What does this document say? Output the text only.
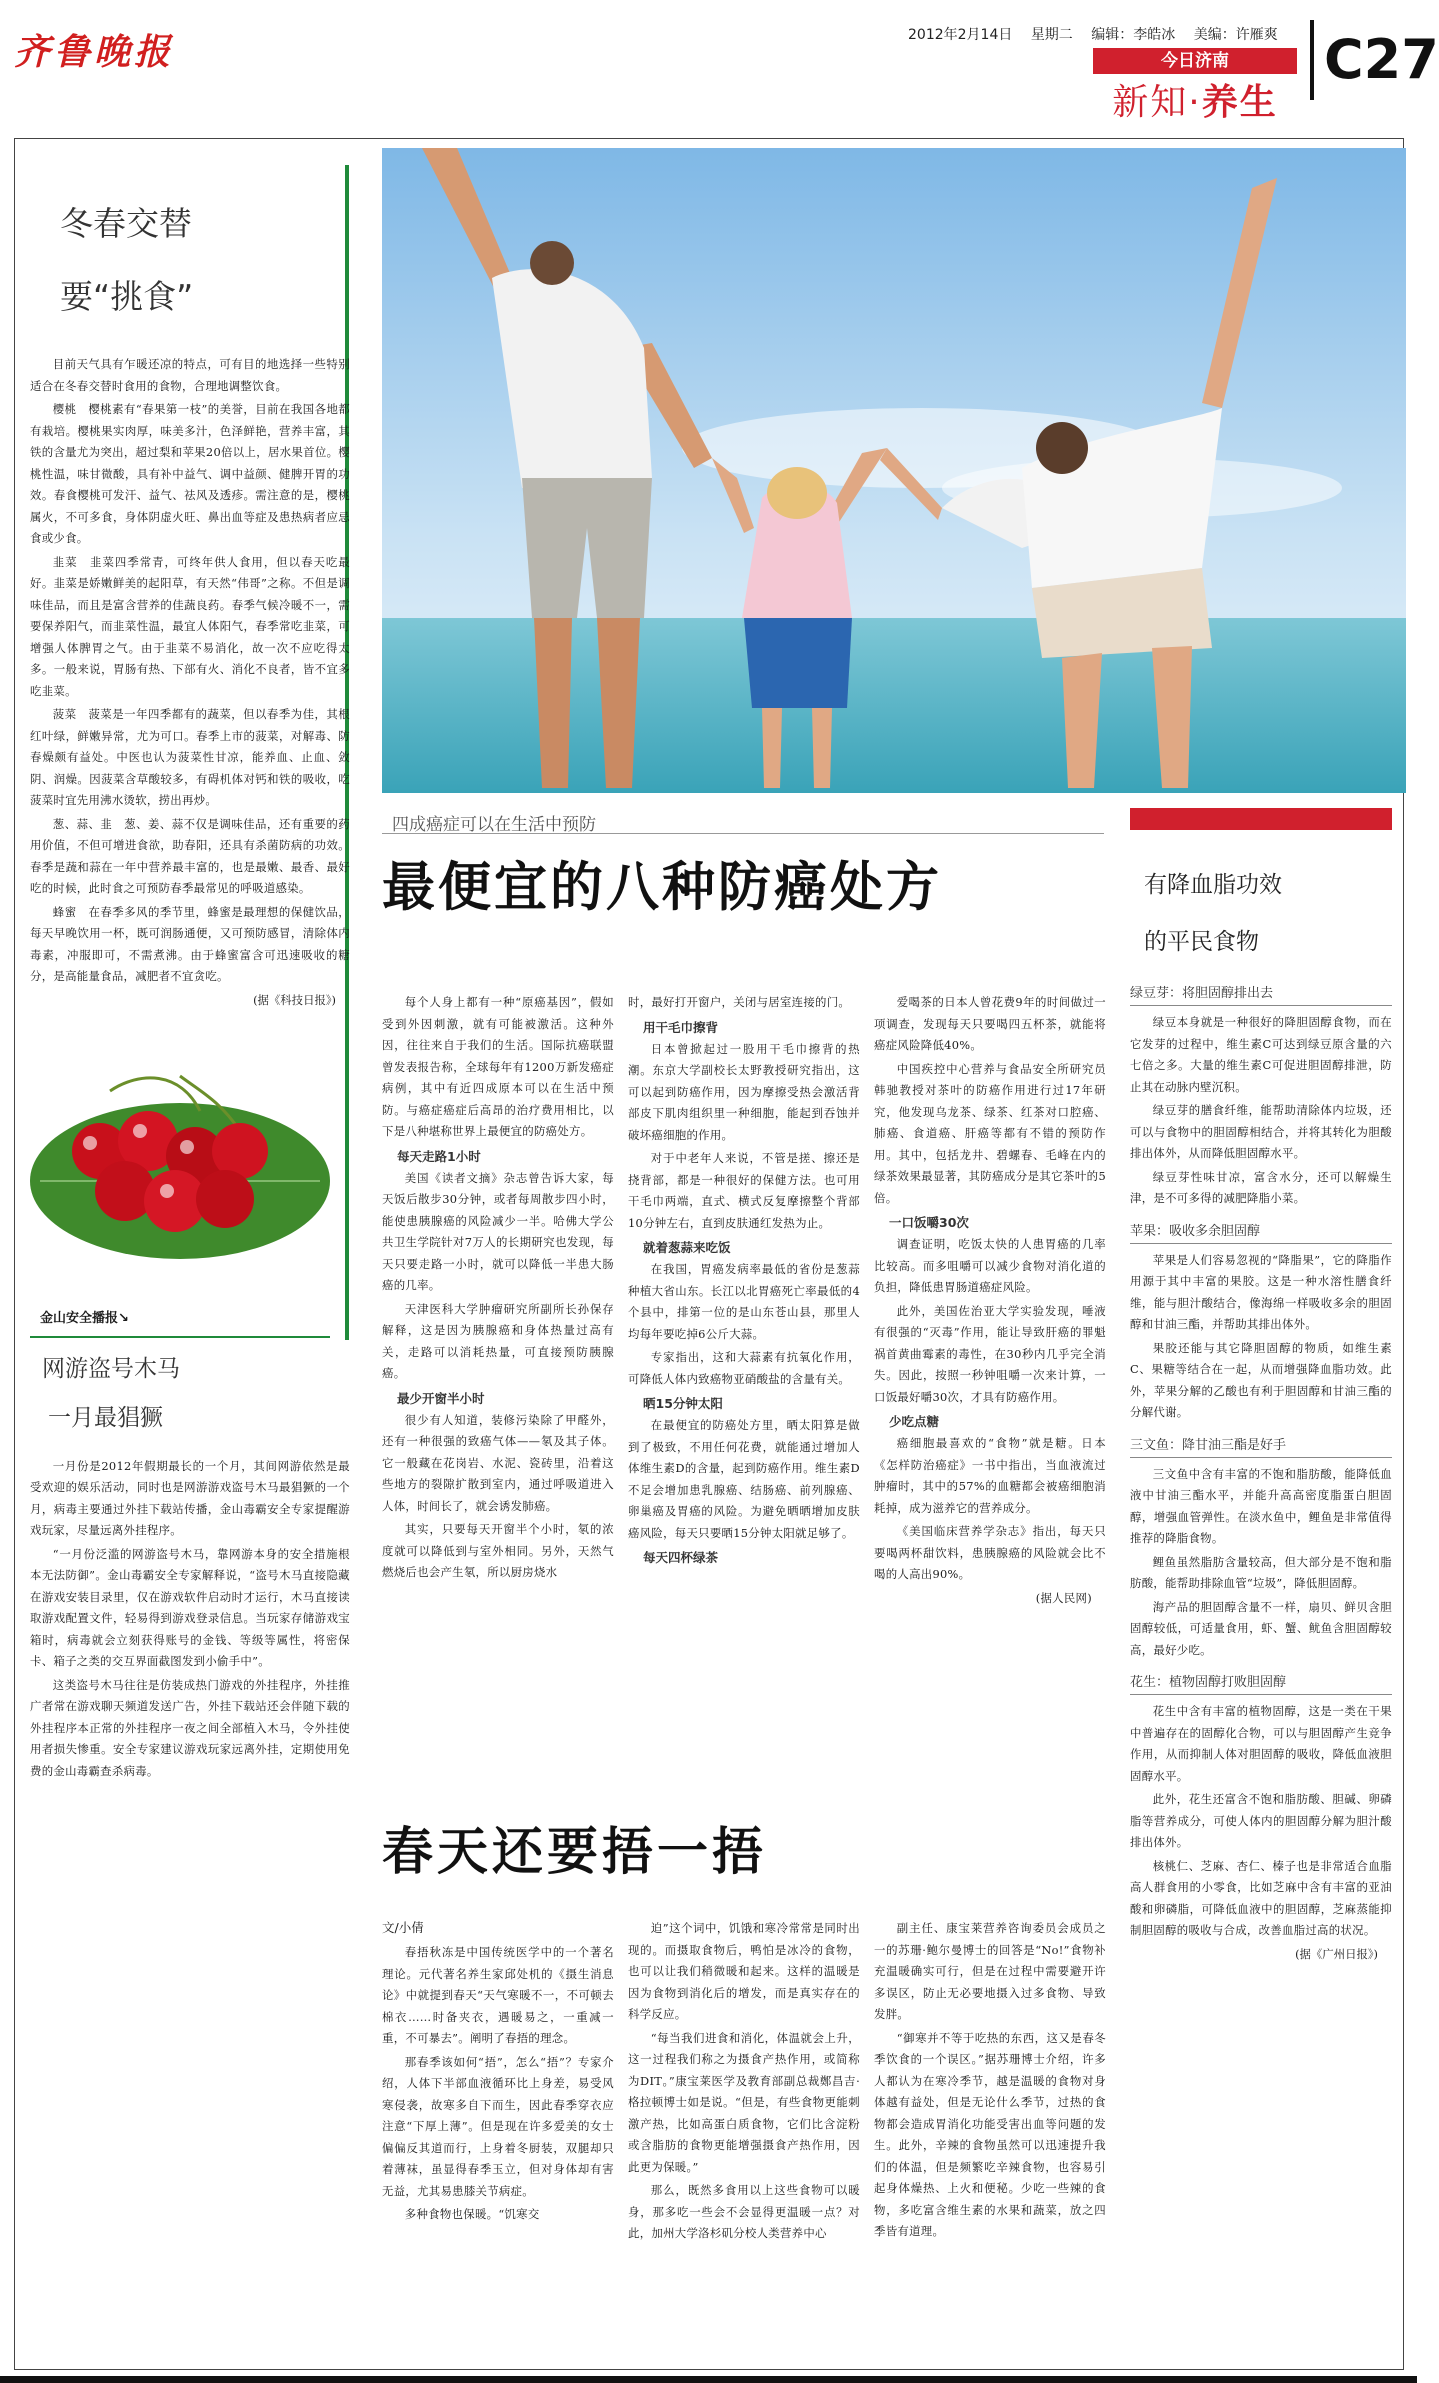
齐鲁晚报	2012年2月14日 星期二 编辑：李皓冰 美编：许雁爽
今日济南
新知·养生
C27
冬春交替
要“挑食”

目前天气具有乍暖还凉的特点，可有目的地选择一些特别适合在冬春交替时食用的食物，合理地调整饮食。

樱桃　樱桃素有“春果第一枝”的美誉，目前在我国各地都有栽培。樱桃果实肉厚，味美多汁，色泽鲜艳，营养丰富，其铁的含量尤为突出，超过梨和苹果20倍以上，居水果首位。樱桃性温，味甘微酸，具有补中益气、调中益颜、健脾开胃的功效。春食樱桃可发汗、益气、祛风及透疹。需注意的是，樱桃属火，不可多食，身体阴虚火旺、鼻出血等症及患热病者应忌食或少食。

韭菜　韭菜四季常青，可终年供人食用，但以春天吃最好。韭菜是娇嫩鲜美的起阳草，有天然“伟哥”之称。不但是调味佳品，而且是富含营养的佳蔬良药。春季气候冷暖不一，需要保养阳气，而韭菜性温，最宜人体阳气，春季常吃韭菜，可增强人体脾胃之气。由于韭菜不易消化，故一次不应吃得太多。一般来说，胃肠有热、下部有火、消化不良者，皆不宜多吃韭菜。

菠菜　菠菜是一年四季都有的蔬菜，但以春季为佳，其根红叶绿，鲜嫩异常，尤为可口。春季上市的菠菜，对解毒、防春燥颇有益处。中医也认为菠菜性甘凉，能养血、止血、敛阴、润燥。因菠菜含草酸较多，有碍机体对钙和铁的吸收，吃菠菜时宜先用沸水烫软，捞出再炒。

葱、蒜、韭　葱、姜、蒜不仅是调味佳品，还有重要的药用价值，不但可增进食欲，助春阳，还具有杀菌防病的功效。春季是蔬和蒜在一年中营养最丰富的，也是最嫩、最香、最好吃的时候，此时食之可预防春季最常见的呼吸道感染。

蜂蜜　在春季多风的季节里，蜂蜜是最理想的保健饮品，每天早晚饮用一杯，既可润肠通便，又可预防感冒，清除体内毒素，冲服即可，不需煮沸。由于蜂蜜富含可迅速吸收的糖分，是高能量食品，减肥者不宜贪吃。

(据《科技日报》)
金山安全播报↘
网游盗号木马
一月最猖獗

一月份是2012年假期最长的一个月，其间网游依然是最受欢迎的娱乐活动，同时也是网游游戏盗号木马最猖獗的一个月，病毒主要通过外挂下载站传播，金山毒霸安全专家提醒游戏玩家，尽量远离外挂程序。

“一月份泛滥的网游盗号木马，靠网游本身的安全措施根本无法防御”。金山毒霸安全专家解释说，“盗号木马直接隐藏在游戏安装目录里，仅在游戏软件启动时才运行，木马直接读取游戏配置文件，轻易得到游戏登录信息。当玩家存储游戏宝箱时，病毒就会立刻获得账号的金钱、等级等属性，将密保卡、箱子之类的交互界面截图发到小偷手中”。

这类盗号木马往往是仿装成热门游戏的外挂程序，外挂推广者常在游戏聊天频道发送广告，外挂下载站还会伴随下载的外挂程序本正常的外挂程序一夜之间全部植入木马，令外挂使用者损失惨重。安全专家建议游戏玩家远离外挂，定期使用免费的金山毒霸查杀病毒。

四成癌症可以在生活中预防
最便宜的八种防癌处方

每个人身上都有一种“原癌基因”，假如受到外因刺激，就有可能被激活。这种外因，往往来自于我们的生活。国际抗癌联盟曾发表报告称，全球每年有1200万新发癌症病例，其中有近四成原本可以在生活中预防。与癌症癌症后高昂的治疗费用相比，以下是八种堪称世界上最便宜的防癌处方。

每天走路1小时

美国《读者文摘》杂志曾告诉大家，每天饭后散步30分钟，或者每周散步四小时，能使患胰腺癌的风险减少一半。哈佛大学公共卫生学院针对7万人的长期研究也发现，每天只要走路一小时，就可以降低一半患大肠癌的几率。

天津医科大学肿瘤研究所副所长孙保存解释，这是因为胰腺癌和身体热量过高有关，走路可以消耗热量，可直接预防胰腺癌。

最少开窗半小时

很少有人知道，装修污染除了甲醛外，还有一种很强的致癌气体——氡及其子体。它一般藏在花岗岩、水泥、瓷砖里，沿着这些地方的裂隙扩散到室内，通过呼吸道进入人体，时间长了，就会诱发肺癌。

其实，只要每天开窗半个小时，氡的浓度就可以降低到与室外相同。另外，天然气燃烧后也会产生氡，所以厨房烧水

时，最好打开窗户，关闭与居室连接的门。

用干毛巾擦背

日本曾掀起过一股用干毛巾擦背的热潮。东京大学副校长太野教授研究指出，这可以起到防癌作用，因为摩擦受热会激活背部皮下肌肉组织里一种细胞，能起到吞蚀并破坏癌细胞的作用。

对于中老年人来说，不管是搓、擦还是挠背部，都是一种很好的保健方法。也可用干毛巾两端，直式、横式反复摩擦整个背部10分钟左右，直到皮肤通红发热为止。

就着葱蒜来吃饭

在我国，胃癌发病率最低的省份是葱蒜种植大省山东。长江以北胃癌死亡率最低的4个县中，排第一位的是山东苍山县，那里人均每年要吃掉6公斤大蒜。

专家指出，这和大蒜素有抗氧化作用，可降低人体内致癌物亚硝酸盐的含量有关。

晒15分钟太阳

在最便宜的防癌处方里，晒太阳算是做到了极致，不用任何花费，就能通过增加人体维生素D的含量，起到防癌作用。维生素D不足会增加患乳腺癌、结肠癌、前列腺癌、卵巢癌及胃癌的风险。为避免晒晒增加皮肤癌风险，每天只要晒15分钟太阳就足够了。

每天四杯绿茶

爱喝茶的日本人曾花费9年的时间做过一项调查，发现每天只要喝四五杯茶，就能将癌症风险降低40%。

中国疾控中心营养与食品安全所研究员韩驰教授对茶叶的防癌作用进行过17年研究，他发现乌龙茶、绿茶、红茶对口腔癌、肺癌、食道癌、肝癌等都有不错的预防作用。其中，包括龙井、碧螺春、毛峰在内的绿茶效果最显著，其防癌成分是其它茶叶的5倍。

一口饭嚼30次

调查证明，吃饭太快的人患胃癌的几率比较高。而多咀嚼可以减少食物对消化道的负担，降低患胃肠道癌症风险。

此外，美国佐治亚大学实验发现，唾液有很强的“灭毒”作用，能让导致肝癌的罪魁祸首黄曲霉素的毒性，在30秒内几乎完全消失。因此，按照一秒钟咀嚼一次来计算，一口饭最好嚼30次，才具有防癌作用。

少吃点糖

癌细胞最喜欢的“食物”就是糖。日本《怎样防治癌症》一书中指出，当血液流过肿瘤时，其中的57%的血糖都会被癌细胞消耗掉，成为滋养它的营养成分。

《美国临床营养学杂志》指出，每天只要喝两杯甜饮料，患胰腺癌的风险就会比不喝的人高出90%。

(据人民网)

春天还要捂一捂
文/小倩

春捂秋冻是中国传统医学中的一个著名理论。元代著名养生家邱处机的《摄生消息论》中就提到春天“天气寒暖不一，不可顿去棉衣……时备夹衣，遇暖易之，一重减一重，不可暴去”。阐明了春捂的理念。

那春季该如何“捂”，怎么“捂”？专家介绍，人体下半部血液循环比上身差，易受风寒侵袭，故寒多自下而生，因此春季穿衣应注意“下厚上薄”。但是现在许多爱美的女士偏偏反其道而行，上身着冬厨装，双腿却只着薄袜，虽显得春季玉立，但对身体却有害无益，尤其易患膝关节病症。

多种食物也保暖。“饥寒交

迫”这个词中，饥饿和寒冷常常是同时出现的。而摄取食物后，鸭怕是冰冷的食物，也可以让我们稍微暖和起来。这样的温暖是因为食物到消化后的增发，而是真实存在的科学反应。

“每当我们进食和消化，体温就会上升，这一过程我们称之为摄食产热作用，或简称为DIT。”康宝莱医学及教育部副总裁鄭昌吉·格拉顿博士如是说。“但是，有些食物更能刺激产热，比如高蛋白质食物，它们比含淀粉或含脂肪的食物更能增强摄食产热作用，因此更为保暖。”

那么，既然多食用以上这些食物可以暖身，那多吃一些会不会显得更温暖一点？对此，加州大学洛杉矶分校人类营养中心

副主任、康宝莱营养咨询委员会成员之一的苏珊·鲍尔曼博士的回答是“No!”食物补充温暖确实可行，但是在过程中需要避开许多误区，防止无必要地摄入过多食物、导致发胖。

“御寒并不等于吃热的东西，这又是春冬季饮食的一个误区。”据苏珊博士介绍，许多人都认为在寒冷季节，越是温暖的食物对身体越有益处，但是无论什么季节，过热的食物都会造成胃消化功能受害出血等问题的发生。此外，辛辣的食物虽然可以迅速提升我们的体温，但是频繁吃辛辣食物，也容易引起身体燥热、上火和便秘。少吃一些辣的食物，多吃富含维生素的水果和蔬菜，放之四季皆有道理。

有降血脂功效
的平民食物
绿豆芽：将胆固醇排出去

绿豆本身就是一种很好的降胆固醇食物，而在它发芽的过程中，维生素C可达到绿豆原含量的六七倍之多。大量的维生素C可促进胆固醇排泄，防止其在动脉内壁沉积。

绿豆芽的膳食纤维，能帮助清除体内垃圾，还可以与食物中的胆固醇相结合，并将其转化为胆酸排出体外，从而降低胆固醇水平。

绿豆芽性味甘凉，富含水分，还可以解燥生津，是不可多得的减肥降脂小菜。

苹果：吸收多余胆固醇

苹果是人们容易忽视的“降脂果”，它的降脂作用源于其中丰富的果胶。这是一种水溶性膳食纤维，能与胆汁酸结合，像海绵一样吸收多余的胆固醇和甘油三酯，并帮助其排出体外。

果胶还能与其它降胆固醇的物质，如维生素C、果糖等结合在一起，从而增强降血脂功效。此外，苹果分解的乙酸也有利于胆固醇和甘油三酯的分解代谢。

三文鱼：降甘油三酯是好手

三文鱼中含有丰富的不饱和脂肪酸，能降低血液中甘油三酯水平，并能升高高密度脂蛋白胆固醇，增强血管弹性。在淡水鱼中，鲤鱼是非常值得推荐的降脂食物。

鲤鱼虽然脂肪含量较高，但大部分是不饱和脂肪酸，能帮助排除血管“垃圾”，降低胆固醇。

海产品的胆固醇含量不一样，扇贝、鲜贝含胆固醇较低，可适量食用，虾、蟹、鱿鱼含胆固醇较高，最好少吃。

花生：植物固醇打败胆固醇

花生中含有丰富的植物固醇，这是一类在干果中普遍存在的固醇化合物，可以与胆固醇产生竞争作用，从而抑制人体对胆固醇的吸收，降低血液胆固醇水平。

此外，花生还富含不饱和脂肪酸、胆碱、卵磷脂等营养成分，可使人体内的胆固醇分解为胆汁酸排出体外。

核桃仁、芝麻、杏仁、榛子也是非常适合血脂高人群食用的小零食，比如芝麻中含有丰富的亚油酸和卵磷脂，可降低血液中的胆固醇，芝麻蒸能抑制胆固醇的吸收与合成，改善血脂过高的状况。

(据《广州日报》)
